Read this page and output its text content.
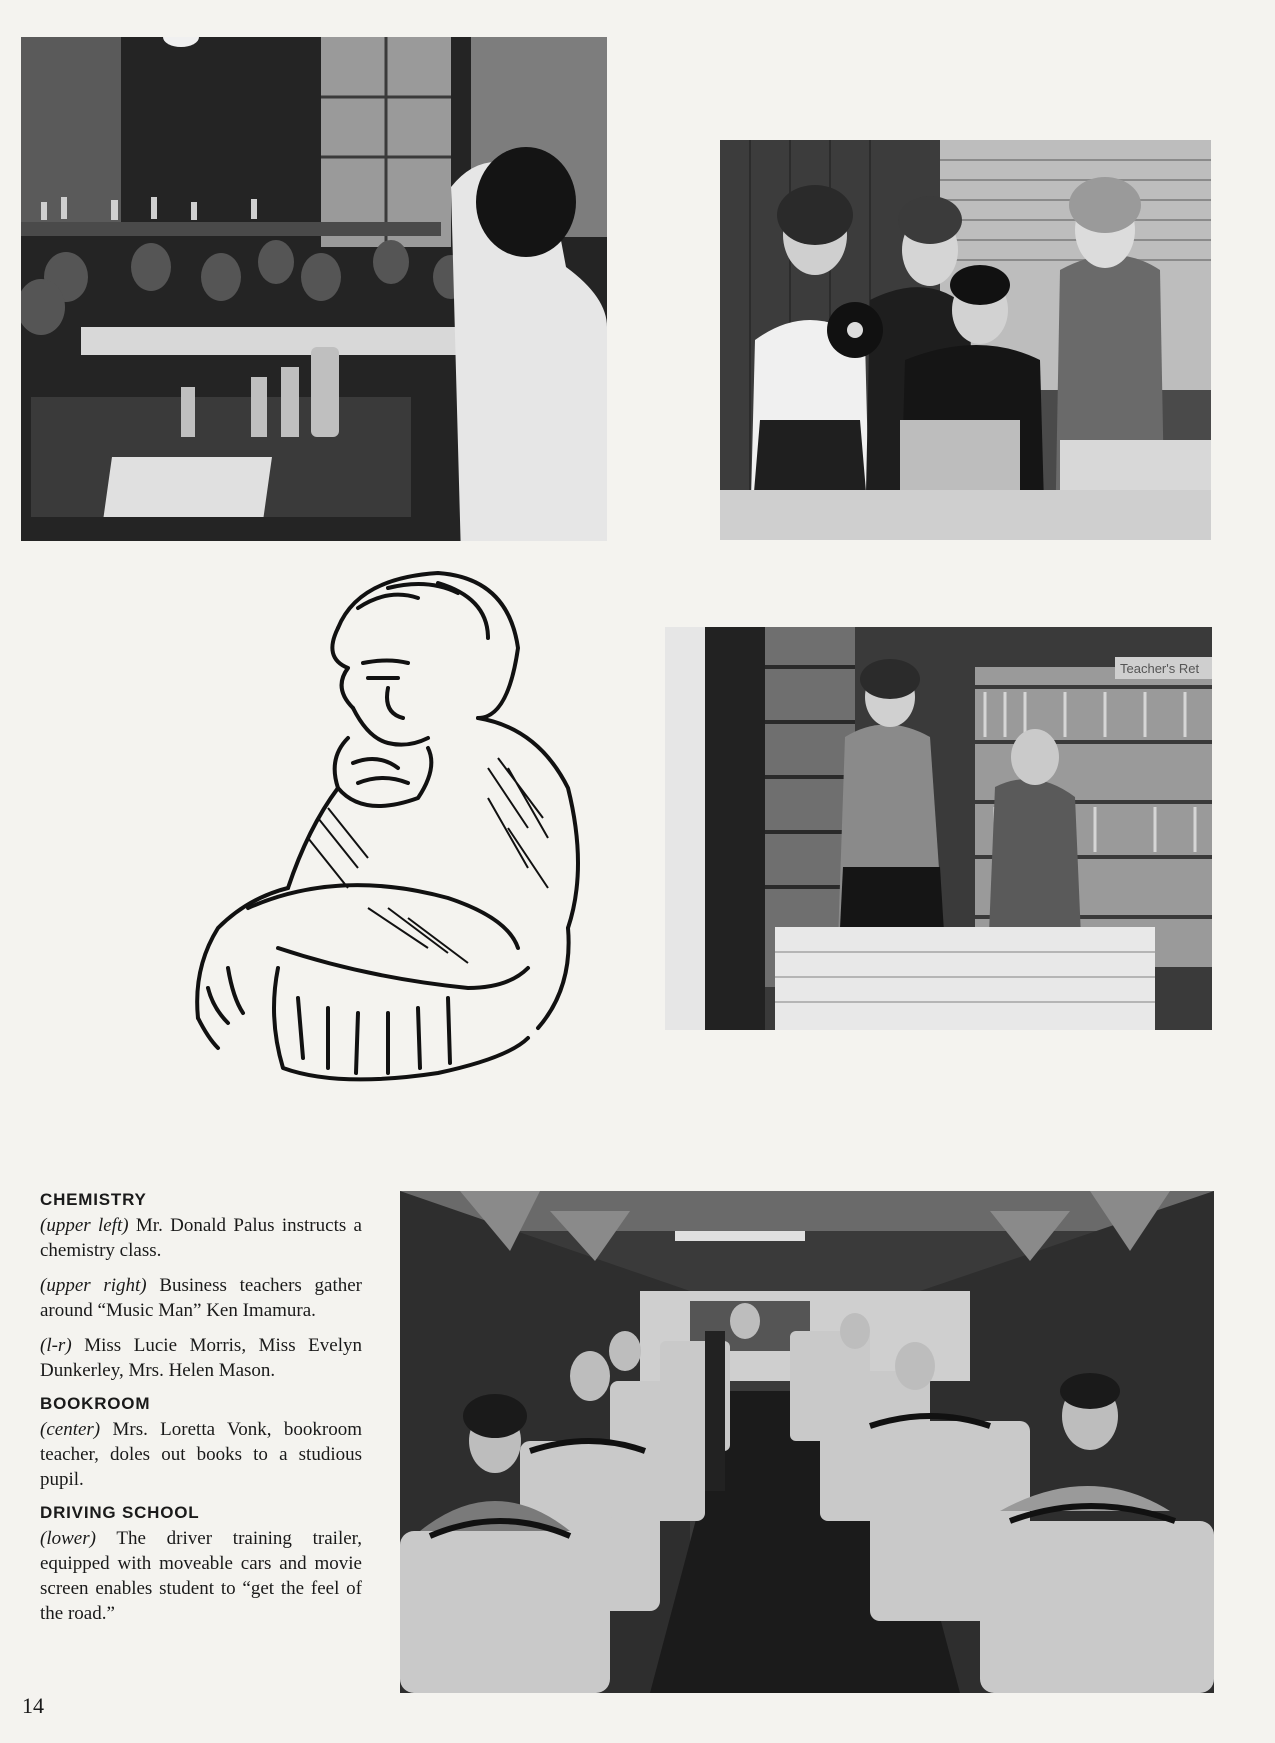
Teacher's Ret
CHEMISTRY

(upper left) Mr. Donald Palus instructs a chemistry class.

(upper right) Business teachers gather around “Music Man” Ken Imamura.

(l-r) Miss Lucie Morris, Miss Evelyn Dunkerley, Mrs. Helen Mason.

BOOKROOM

(center) Mrs. Loretta Vonk, bookroom teacher, doles out books to a studious pupil.

DRIVING SCHOOL

(lower) The driver training trailer, equipped with moveable cars and movie screen enables student to “get the feel of the road.”

14
